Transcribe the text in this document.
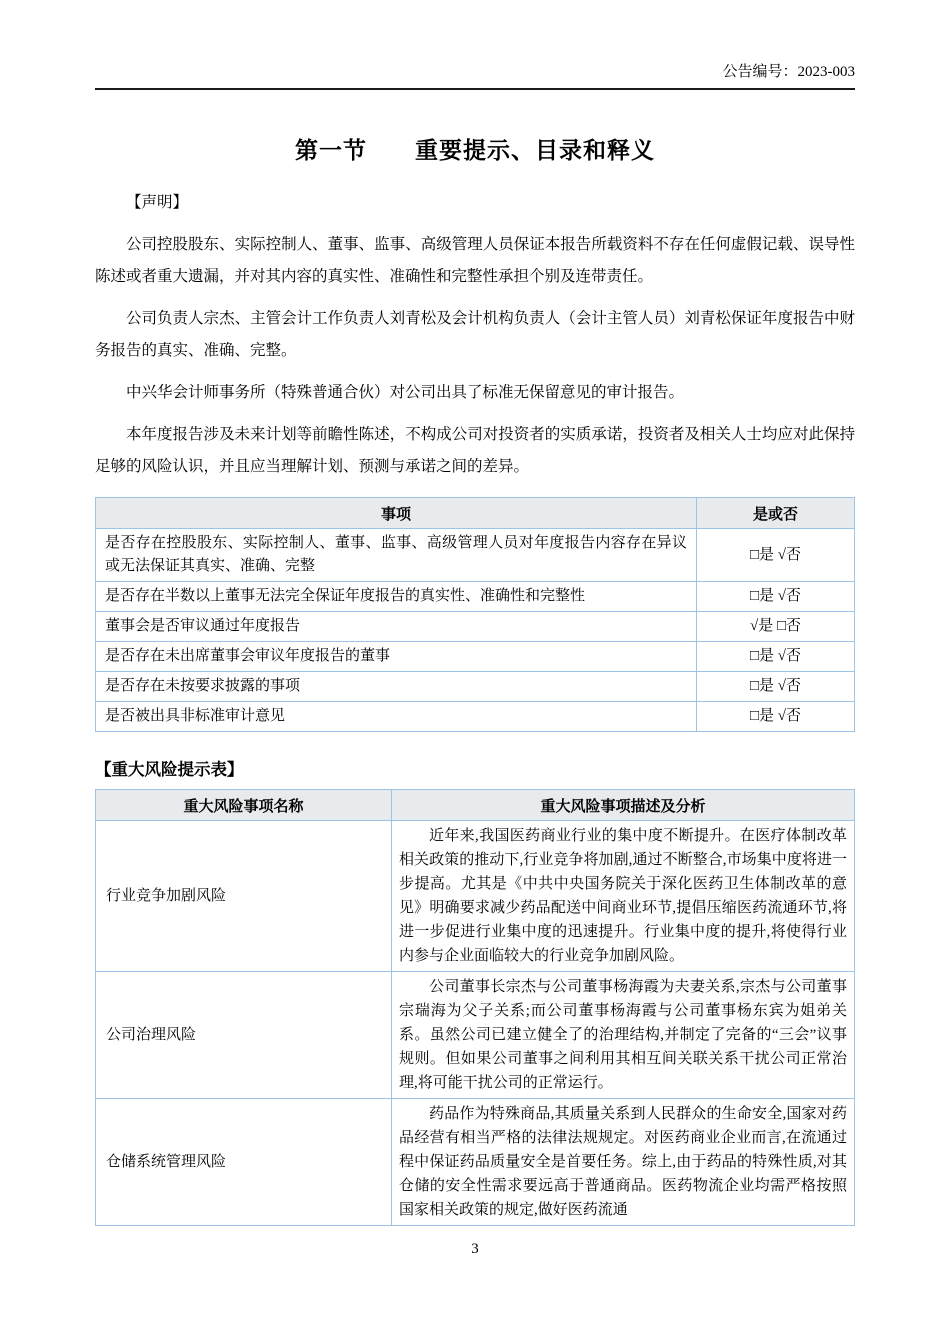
公告编号：2023-003
第一节　　重要提示、目录和释义

【声明】

公司控股股东、实际控制人、董事、监事、高级管理人员保证本报告所载资料不存在任何虚假记载、误导性陈述或者重大遗漏，并对其内容的真实性、准确性和完整性承担个别及连带责任。

公司负责人宗杰、主管会计工作负责人刘青松及会计机构负责人（会计主管人员）刘青松保证年度报告中财务报告的真实、准确、完整。

中兴华会计师事务所（特殊普通合伙）对公司出具了标准无保留意见的审计报告。

本年度报告涉及未来计划等前瞻性陈述，不构成公司对投资者的实质承诺，投资者及相关人士均应对此保持足够的风险认识，并且应当理解计划、预测与承诺之间的差异。

事项	是或否
是否存在控股股东、实际控制人、董事、监事、高级管理人员对年度报告内容存在异议或无法保证其真实、准确、完整	□是 √否
是否存在半数以上董事无法完全保证年度报告的真实性、准确性和完整性	□是 √否
董事会是否审议通过年度报告	√是 □否
是否存在未出席董事会审议年度报告的董事	□是 √否
是否存在未按要求披露的事项	□是 √否
是否被出具非标准审计意见	□是 √否
【重大风险提示表】
重大风险事项名称	重大风险事项描述及分析
行业竞争加剧风险	近年来,我国医药商业行业的集中度不断提升。在医疗体制改革相关政策的推动下,行业竞争将加剧,通过不断整合,市场集中度将进一步提高。尤其是《中共中央国务院关于深化医药卫生体制改革的意见》明确要求减少药品配送中间商业环节,提倡压缩医药流通环节,将进一步促进行业集中度的迅速提升。行业集中度的提升,将使得行业内参与企业面临较大的行业竞争加剧风险。

公司治理风险	公司董事长宗杰与公司董事杨海霞为夫妻关系,宗杰与公司董事宗瑞海为父子关系;而公司董事杨海霞与公司董事杨东宾为姐弟关系。虽然公司已建立健全了的治理结构,并制定了完备的“三会”议事规则。但如果公司董事之间利用其相互间关联关系干扰公司正常治理,将可能干扰公司的正常运行。

仓储系统管理风险	药品作为特殊商品,其质量关系到人民群众的生命安全,国家对药品经营有相当严格的法律法规规定。对医药商业企业而言,在流通过程中保证药品质量安全是首要任务。综上,由于药品的特殊性质,对其仓储的安全性需求要远高于普通商品。医药物流企业均需严格按照国家相关政策的规定,做好医药流通
3
